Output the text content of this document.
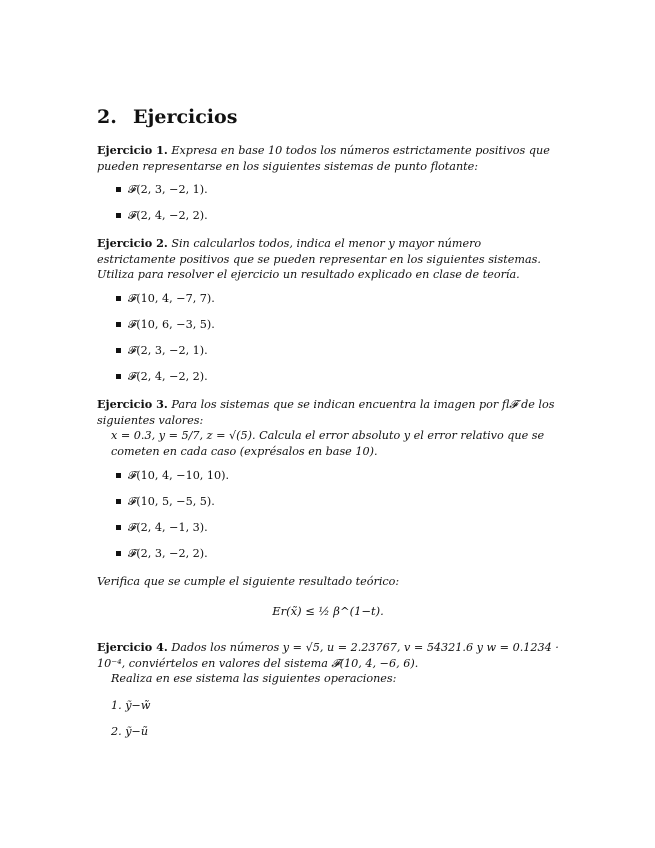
2. Ejercicios
Ejercicio 1. Expresa en base 10 todos los números estrictamente positivos que pueden representarse en los siguientes sistemas de punto flotante:
𝓕(2, 3, −2, 1).
𝓕(2, 4, −2, 2).
Ejercicio 2. Sin calcularlos todos, indica el menor y mayor número estrictamente positivos que se pueden representar en los siguientes sistemas. Utiliza para resolver el ejercicio un resultado explicado en clase de teoría.
𝓕(10, 4, −7, 7).
𝓕(10, 6, −3, 5).
𝓕(2, 3, −2, 1).
𝓕(2, 4, −2, 2).
Ejercicio 3. Para los sistemas que se indican encuentra la imagen por fl𝓕 de los siguientes valores:
x = 0.3, y = 5/7, z = √(5). Calcula el error absoluto y el error relativo que se cometen en cada caso (exprésalos en base 10).
𝓕(10, 4, −10, 10).
𝓕(10, 5, −5, 5).
𝓕(2, 4, −1, 3).
𝓕(2, 3, −2, 2).
Verifica que se cumple el siguiente resultado teórico:
Er(x̃) ≤ ½ β^(1−t).
Ejercicio 4. Dados los números y = √5, u = 2.23767, v = 54321.6 y w = 0.1234 · 10⁻⁴, conviértelos en valores del sistema 𝓕(10, 4, −6, 6).
Realiza en ese sistema las siguientes operaciones:
1. ỹ−w̃
2. ỹ−ũ
